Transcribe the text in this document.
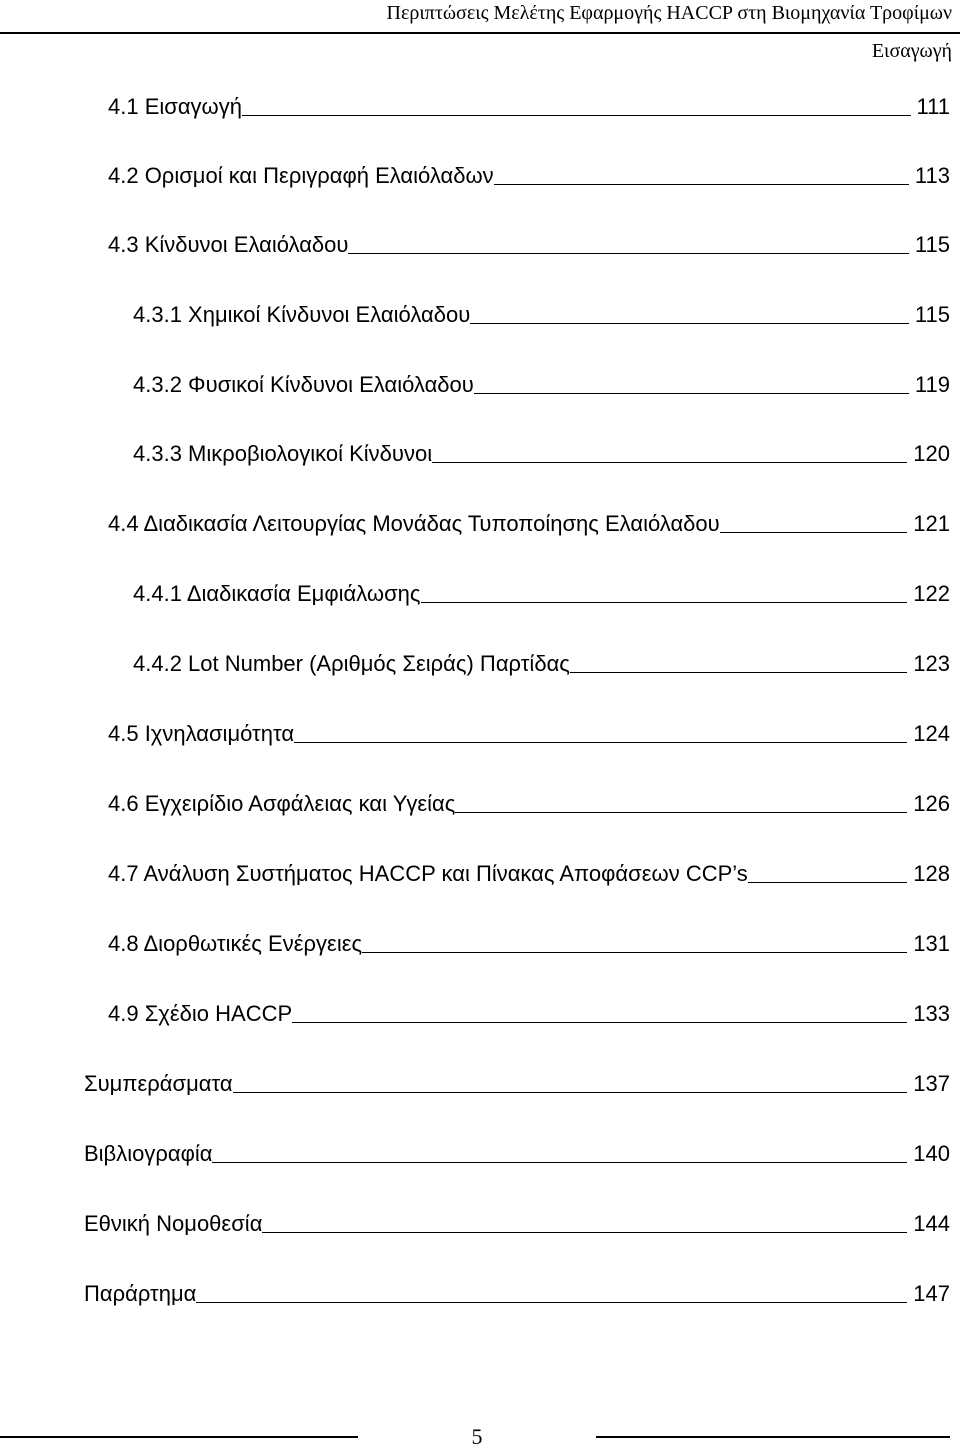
Περιπτώσεις Μελέτης Εφαρμογής HACCP στη Βιομηχανία Τροφίμων
Εισαγωγή
4.1 Εισαγωγή	111
4.2 Ορισμοί και Περιγραφή Ελαιόλαδων	113
4.3 Κίνδυνοι Ελαιόλαδου	115
4.3.1 Χημικοί Κίνδυνοι Ελαιόλαδου	115
4.3.2 Φυσικοί Κίνδυνοι Ελαιόλαδου	119
4.3.3 Μικροβιολογικοί Κίνδυνοι	120
4.4 Διαδικασία Λειτουργίας Μονάδας Τυποποίησης Ελαιόλαδου	121
4.4.1 Διαδικασία Εμφιάλωσης	122
4.4.2 Lot Number (Αριθμός Σειράς) Παρτίδας	123
4.5 Ιχνηλασιμότητα	124
4.6 Εγχειρίδιο Ασφάλειας και Υγείας	126
4.7 Ανάλυση Συστήματος HACCP και Πίνακας Αποφάσεων CCP’s	128
4.8 Διορθωτικές Ενέργειες	131
4.9 Σχέδιο HACCP	133
Συμπεράσματα	137
Βιβλιογραφία	140
Εθνική Νομοθεσία	144
Παράρτημα	147
5
